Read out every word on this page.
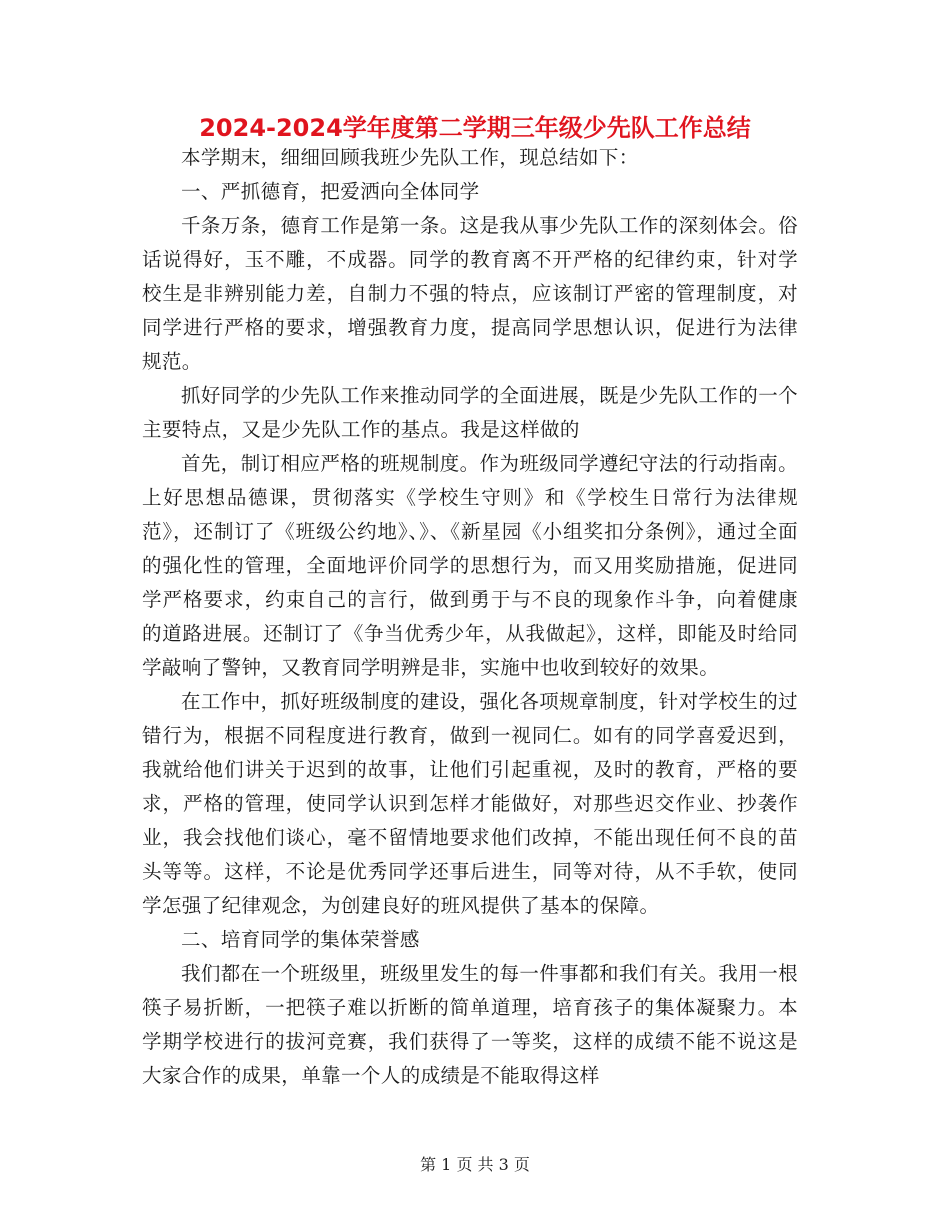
2024-2024学年度第二学期三年级少先队工作总结

本学期末，细细回顾我班少先队工作，现总结如下：

一、严抓德育，把爱洒向全体同学

千条万条，德育工作是第一条。这是我从事少先队工作的深刻体会。俗话说得好，玉不雕，不成器。同学的教育离不开严格的纪律约束，针对学校生是非辨别能力差，自制力不强的特点，应该制订严密的管理制度，对同学进行严格的要求，增强教育力度，提高同学思想认识，促进行为法律规范。

抓好同学的少先队工作来推动同学的全面进展，既是少先队工作的一个主要特点，又是少先队工作的基点。我是这样做的

首先，制订相应严格的班规制度。作为班级同学遵纪守法的行动指南。上好思想品德课，贯彻落实《学校生守则》和《学校生日常行为法律规范》，还制订了《班级公约地》、》、《新星园《小组奖扣分条例》，通过全面的强化性的管理，全面地评价同学的思想行为，而又用奖励措施，促进同学严格要求，约束自己的言行，做到勇于与不良的现象作斗争，向着健康的道路进展。还制订了《争当优秀少年，从我做起》，这样，即能及时给同学敲响了警钟，又教育同学明辨是非，实施中也收到较好的效果。

在工作中，抓好班级制度的建设，强化各项规章制度，针对学校生的过错行为，根据不同程度进行教育，做到一视同仁。如有的同学喜爱迟到，我就给他们讲关于迟到的故事，让他们引起重视，及时的教育，严格的要求，严格的管理，使同学认识到怎样才能做好，对那些迟交作业、抄袭作业，我会找他们谈心，毫不留情地要求他们改掉，不能出现任何不良的苗头等等。这样，不论是优秀同学还事后进生，同等对待，从不手软，使同学怎强了纪律观念，为创建良好的班风提供了基本的保障。

二、培育同学的集体荣誉感

我们都在一个班级里，班级里发生的每一件事都和我们有关。我用一根筷子易折断，一把筷子难以折断的简单道理，培育孩子的集体凝聚力。本学期学校进行的拔河竞赛，我们获得了一等奖，这样的成绩不能不说这是大家合作的成果，单靠一个人的成绩是不能取得这样

第 1 页 共 3 页
